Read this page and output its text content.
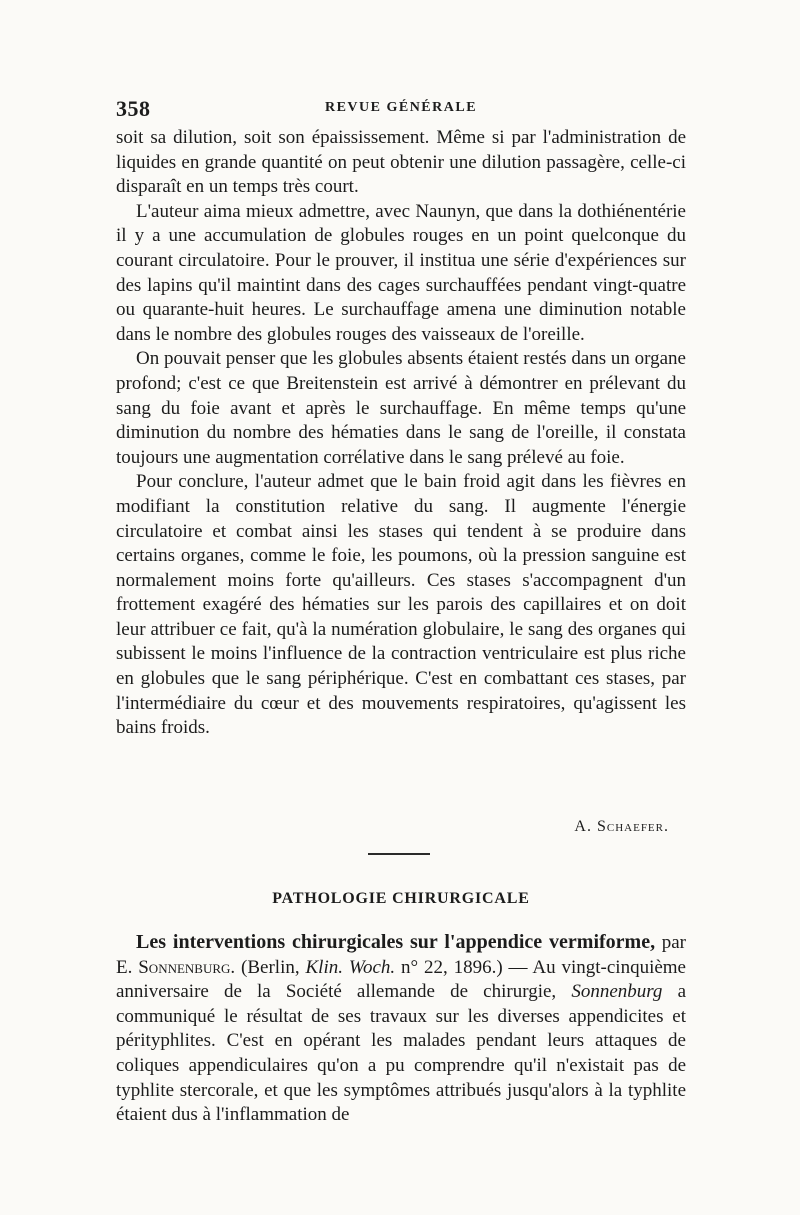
358	REVUE GÉNÉRALE

soit sa dilution, soit son épaississement. Même si par l'administration de liquides en grande quantité on peut obtenir une dilution passagère, celle-ci disparaît en un temps très court.

L'auteur aima mieux admettre, avec Naunyn, que dans la dothiénentérie il y a une accumulation de globules rouges en un point quelconque du courant circulatoire. Pour le prouver, il institua une série d'expériences sur des lapins qu'il maintint dans des cages surchauffées pendant vingt-quatre ou quarante-huit heures. Le surchauffage amena une diminution notable dans le nombre des globules rouges des vaisseaux de l'oreille.

On pouvait penser que les globules absents étaient restés dans un organe profond; c'est ce que Breitenstein est arrivé à démontrer en prélevant du sang du foie avant et après le surchauffage. En même temps qu'une diminution du nombre des hématies dans le sang de l'oreille, il constata toujours une augmentation corrélative dans le sang prélevé au foie.

Pour conclure, l'auteur admet que le bain froid agit dans les fièvres en modifiant la constitution relative du sang. Il augmente l'énergie circulatoire et combat ainsi les stases qui tendent à se produire dans certains organes, comme le foie, les poumons, où la pression sanguine est normalement moins forte qu'ailleurs. Ces stases s'accompagnent d'un frottement exagéré des hématies sur les parois des capillaires et on doit leur attribuer ce fait, qu'à la numération globulaire, le sang des organes qui subissent le moins l'influence de la contraction ventriculaire est plus riche en globules que le sang périphérique. C'est en combattant ces stases, par l'intermédiaire du cœur et des mouvements respiratoires, qu'agissent les bains froids.

A. Schaefer.
PATHOLOGIE CHIRURGICALE

Les interventions chirurgicales sur l'appendice vermiforme, par E. Sonnenburg. (Berlin, Klin. Woch. n° 22, 1896.) — Au vingt-cinquième anniversaire de la Société allemande de chirurgie, Sonnenburg a communiqué le résultat de ses travaux sur les diverses appendicites et pérityphlites. C'est en opérant les malades pendant leurs attaques de coliques appendiculaires qu'on a pu comprendre qu'il n'existait pas de typhlite stercorale, et que les symptômes attribués jusqu'alors à la typhlite étaient dus à l'inflammation de
